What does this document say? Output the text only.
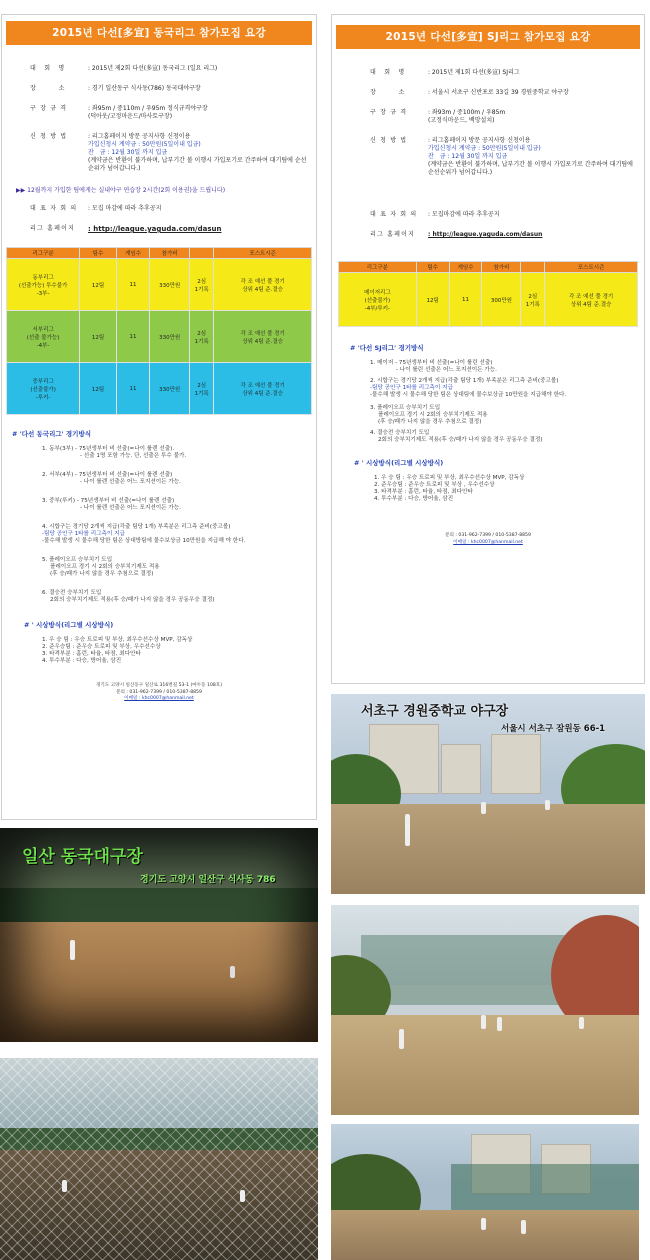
2015년 다선[多宣] 동국리그 참가모집 요강
대　회　명	: 2015년 제2회 다선(多宣) 동국리그 (일요 리그)
장　　　소	: 경기 일산동구 식사동(786) 동국대야구장
구 장 규 격	: 좌95m / 중110m / 우95m 정식규격야구장
(덕아웃/고정마운드/마사토구장)
신 청 방 법	: 리그홈페이지 방문 공지사항 신청이용
가입신청시 계약금 : 50만원(5일이내 입금)
잔　금 : 12월 30일 까지 입금
(계약금은 반환이 불가하며, 납부기간 볼 이행시 가입포기로 간주하여 대기팀에 순선순위가 넘어갑니다.)
▶▶ 12월까지 가입한 팀에게는 실내야구 연습장 2시간(2회 이용권)을 드립니다)
대 표 자 회 의	: 모집 마감에 따라 추후공지
리그 홈페이지	: http://league.yaguda.com/dasun
리그구분	팀수	게임수	참가비		포스트시즌
동부리그
(선출가능) 투수불가
-3부-	12팀	11	330만원	2심
1기록	각 조 예선 풀 경기
상위 4팀 준.결승
서부리그
(선출 불가능)
-4부-	12팀	11	330만원	2심
1기록	각 조 예선 풀 경기
상위 4팀 준.결승
중부리그
(선출불가)
-루키-	12팀	11	330만원	2심
1기록	각 조 예선 풀 경기
상위 4팀 준.결승
# '다선 동국리그' 경기방식
1. 동부(3부) - 75년생부터 비 선출(=나이 룰렌 선출).
- 선출 1명 포함 가능. 단, 선출은 투수 불가.
2. 서부(4부) - 75년생부터 비 선출(=나이 룰렌 선출)
- 나이 룰렌 선출은 어느 포지션이든 가능.
3. 중부(루키) - 75년생부터 비 선출(=나이 룰렌 선출)
- 나이 룰렌 선출은 어느 포지션이든 가능.
4. 시합구는 경기당 2개씩 지급(각출 팀당 1개) 부족분은 리그측 준비(중고볼)
-팀당 공인구 1타를 리그측이 지급
-물수해 발생 시 물수해 당한 팀은 상대방팀에 물수보상금 10만원을 지급해 야 한다.
5. 플레이오프 승부치기 도입
플레이오프 경기 시 2회의 승부치기제도 적용
(후 승/패가 나지 않을 경우 추첨으로 결정)
6. 결승전 승부치기 도입
2회의 승부치기제도 적용(후 승/패가 나지 않을 경우 공동우승 결정)
# ' 시상방식(리그별 시상방식)
1. 우 승 팀 : 우승 트로피 및 부상, 최우수선수상 MVP, 감독상
2. 준우승팀 : 준우승 트로피 및 부상, 우수선수상
3. 타격부분 : 홈런, 타율, 타점, 최다안타
4. 투수부분 : 다승, 방어율, 삼진
경기도 고양시 일산동구 일산로 316번길 53-1 (마두동 108호)
문의 : 031-962-7399 / 010-5387-8859
이메일 : khc0007@hanmail.net
2015년 다선[多宣] SJ리그 참가모집 요강
대　회　명	: 2015년 제1회 다선(多宣) SJ리그
장　　　소	: 서울시 서초구 신반포로 33길 39 경원중학교 야구장
구 장 규 격	: 좌93m / 중100m / 우85m
(고정식마운드, 백망설치)
신 청 방 법	: 리그홈페이지 방문 공지사항 신청이용
가입신청시 계약금 : 50만원(5일이내 입금)
잔　금 : 12월 30일 까지 입금
(계약금은 반환이 불가하며, 납부기간 볼 이행시 가입포기로 간주하여 대기팀에 순선순위가 넘어갑니다.)
대 표 자 회 의	: 모집마감에 따라 추후공지
리그 홈페이지	: http://league.yaguda.com/dasun
리그구분	팀수	게임수	참가비		포스트시즌
메이저리그
(선출불가)
-4부/루키-	12팀	11	300만원	2심
1기록	각 조 예선 풀 경기
상위 4팀 준.결승
# '다선 SJ리그' 경기방식
1. 메이저 - 75년생부터 비 선출(=나이 룰린 선출)
- 나이 룰린 선출은 어느 포지션이든 가능.
2. 시합구는 경기당 2개씩 지급(각출 팀당 1개) 부족분은 리그측 준비(중고볼)
-팀당 공인구 1타를 리그측이 지급
-물수해 발생 시 물수해 당한 팀은 상대팀에 물수보상금 10만원을 지급해야 한다.
3. 플레이오프 승부치기 도입
플레이오프 경기 시 2회의 승부치기제도 적용
(후 승/패가 나지 않을 경우 추첨으로 결정)
4. 결승전 승부치기 도입
2회의 승부치기제도 적용(후 승/패가 나지 않을 경우 공동우승 결정)
# ' 시상방식(리그별 시상방식)
1. 우 승 팀 : 우승 트로피 및 부상, 최우수선수상 MVP, 감독상
2. 준우승팀 : 준우승 트로피 및 부상 , 우수선수상
3. 타격부분 : 홈런, 타율, 타점, 최다안타
4. 투수부분 : 다승, 방어율, 삼진
문의 : 031-962-7399 / 010-5387-8859
이메일 : khc0007@hanmail.net
일산 동국대구장
경기도 고양시 일산구 식사동 786
서초구 경원중학교 야구장
서울시 서초구 잠원동 66-1
